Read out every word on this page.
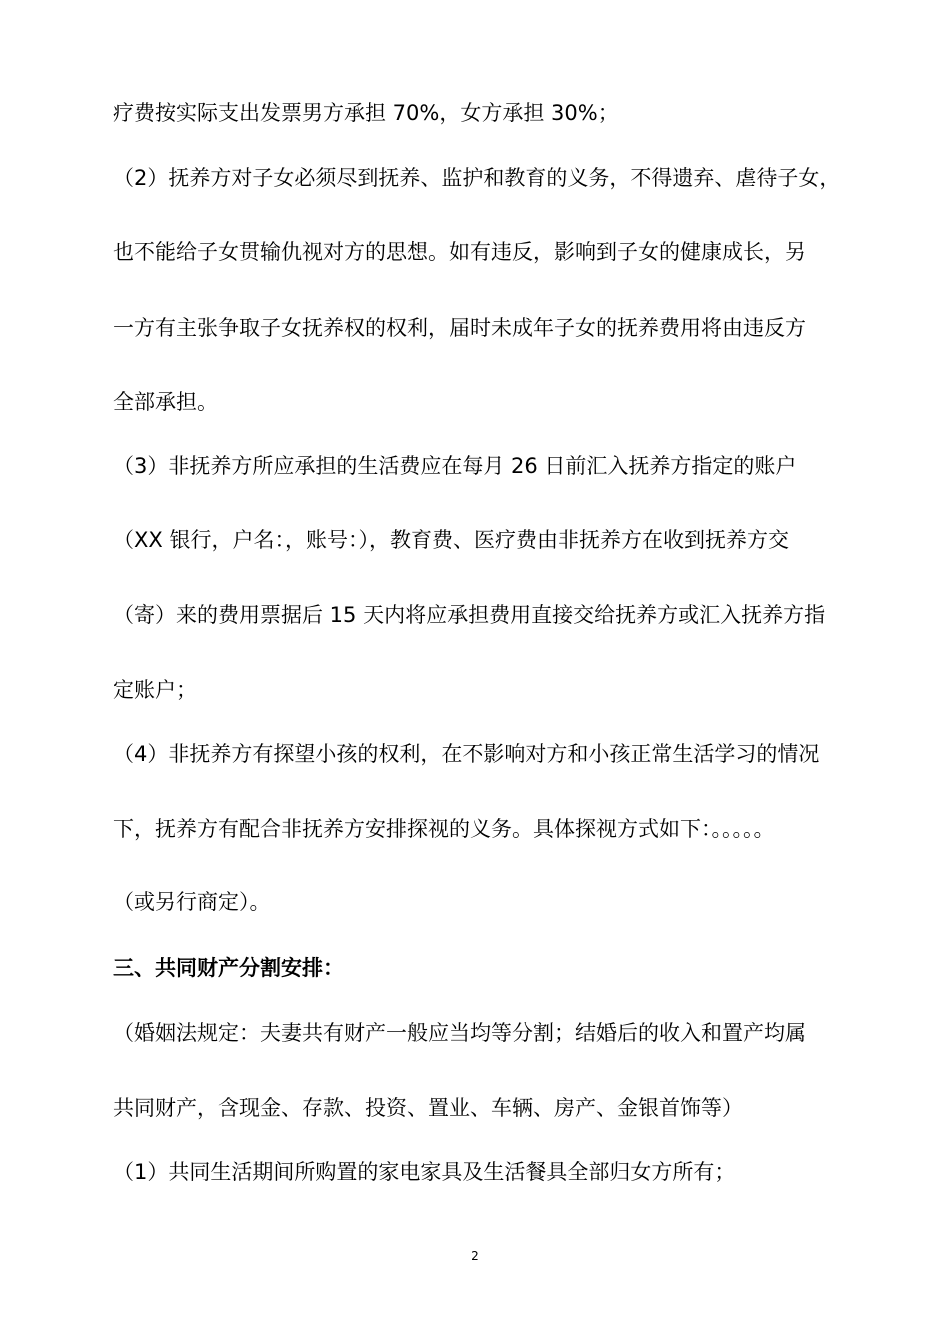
疗费按实际支出发票男方承担 70%，女方承担 30%；
（2）抚养方对子女必须尽到抚养、监护和教育的义务，不得遗弃、虐待子女，
也不能给子女贯输仇视对方的思想。如有违反，影响到子女的健康成长，另
一方有主张争取子女抚养权的权利，届时未成年子女的抚养费用将由违反方
全部承担。
（3）非抚养方所应承担的生活费应在每月 26 日前汇入抚养方指定的账户
（XX 银行，户名：，账号：），教育费、医疗费由非抚养方在收到抚养方交
（寄）来的费用票据后 15 天内将应承担费用直接交给抚养方或汇入抚养方指
定账户；
（4）非抚养方有探望小孩的权利，在不影响对方和小孩正常生活学习的情况
下，抚养方有配合非抚养方安排探视的义务。具体探视方式如下：。。。。。
（或另行商定）。
三、共同财产分割安排：
（婚姻法规定：夫妻共有财产一般应当均等分割；结婚后的收入和置产均属
共同财产，含现金、存款、投资、置业、车辆、房产、金银首饰等）
（1）共同生活期间所购置的家电家具及生活餐具全部归女方所有；
2
